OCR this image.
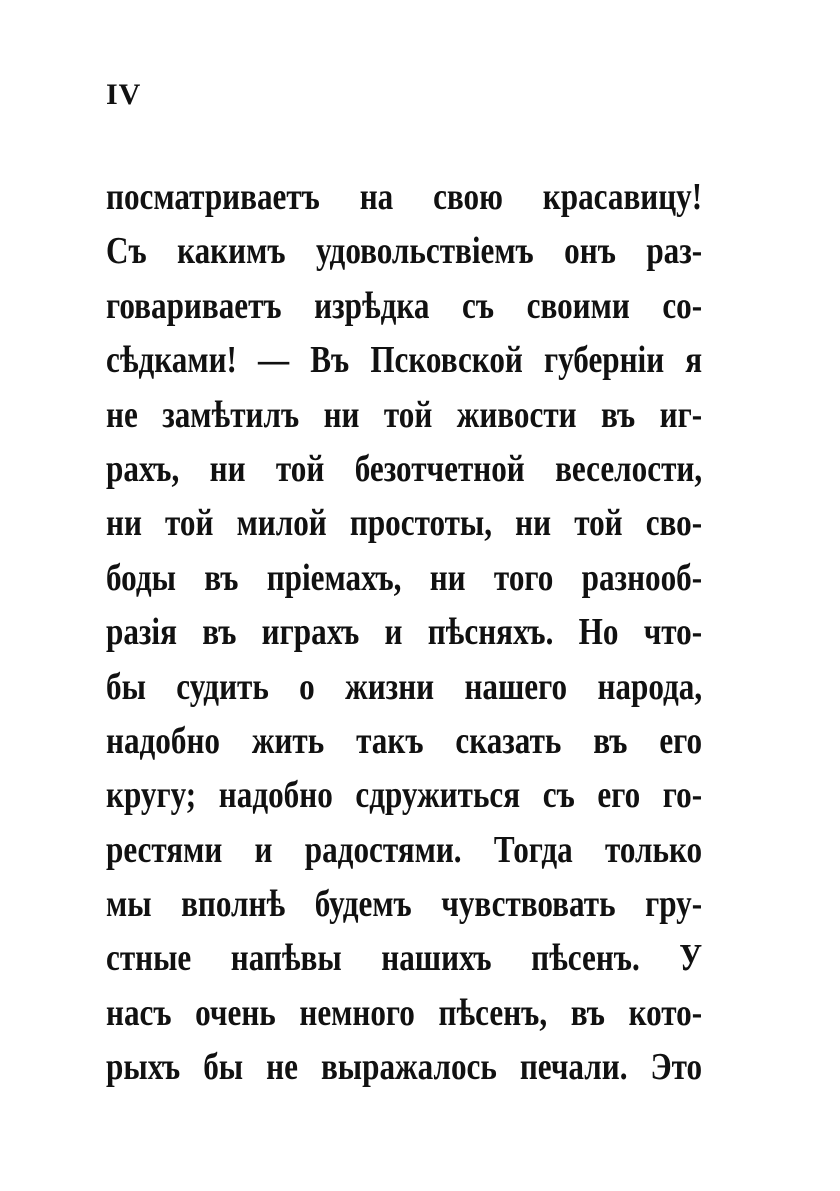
IV
посматриваетъ на свою красавицу!
Съ какимъ удовольствіемъ онъ раз-
говариваетъ изрѣдка съ своими со-
сѣдками! — Въ Псковской губерніи я
не замѣтилъ ни той живости въ иг-
рахъ, ни той безотчетной веселости,
ни той милой простоты, ни той сво-
боды въ пріемахъ, ни того разнооб-
разія въ играхъ и пѣсняхъ. Но что-
бы судить о жизни нашего народа,
надобно жить такъ сказать въ его
кругу; надобно сдружиться съ его го-
рестями и радостями. Тогда только
мы вполнѣ будемъ чувствовать гру-
стные напѣвы нашихъ пѣсенъ. У
насъ очень немного пѣсенъ, въ кото-
рыхъ бы не выражалось печали. Это
